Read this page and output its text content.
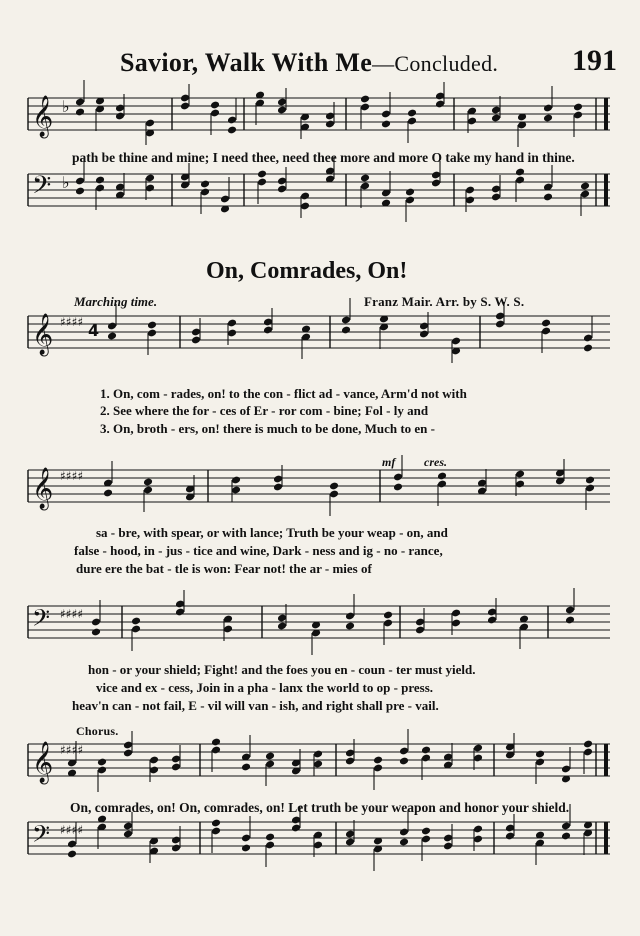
Savior, Walk With Me—Concluded. 191
𝄞 ♭
𝄢 ♭
𝄞 ♯♯♯♯ 4
𝄞 ♯♯♯♯
𝄢 ♯♯♯♯
𝄞 ♯♯♯♯
𝄢 ♯♯♯♯
path be thine and mine; I need thee, need thee more and more O take my hand in thine.
On, Comrades, On!
Marching time.	Franz Mair. Arr. by S. W. S.
1. On, com - rades, on! to the con - flict ad - vance, Arm'd not with
2. See where the for - ces of Er - ror com - bine; Fol - ly and
3. On, broth - ers, on! there is much to be done, Much to en -
mf cres.
sa - bre, with spear, or with lance; Truth be your weap - on, and
false - hood, in - jus - tice and wine, Dark - ness and ig - no - rance,
dure ere the bat - tle is won: Fear not! the ar - mies of
hon - or your shield; Fight! and the foes you en - coun - ter must yield.
vice and ex - cess, Join in a pha - lanx the world to op - press.
heav'n can - not fail, E - vil will van - ish, and right shall pre - vail.
Chorus.
On, comrades, on! On, comrades, on! Let truth be your weapon and honor your shield.
